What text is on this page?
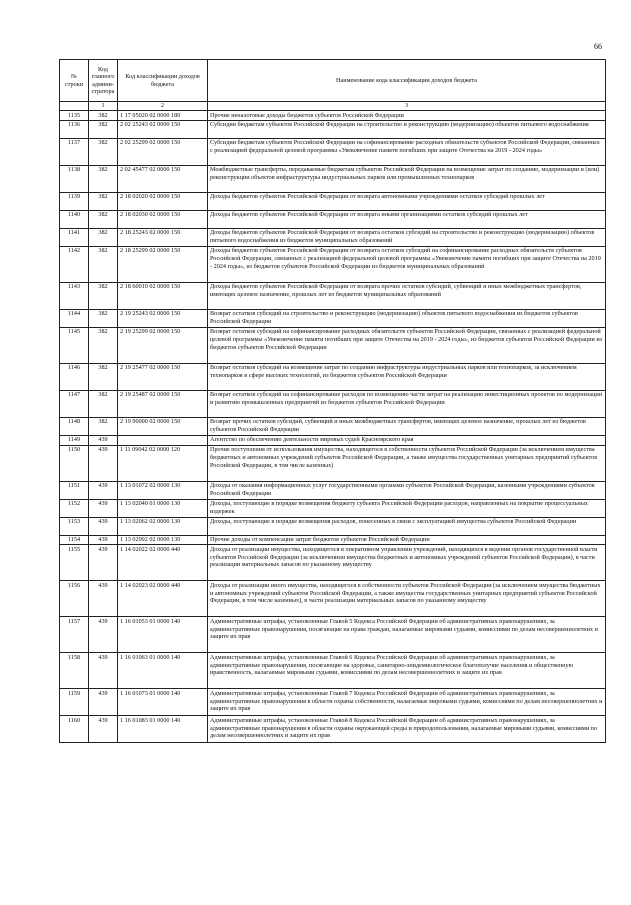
66
№ строки	Код главного админи-стратора	Код классификации доходов бюджета	Наименование кода классификации доходов бюджета
	1	2	3
1135	382	1 17 05020 02 0000 180	Прочие неналоговые доходы бюджетов субъектов Российской Федерации
1136	382	2 02 25243 02 0000 150	Субсидии бюджетам субъектов Российской Федерации на строительство и реконструкцию (модернизацию) объектов питьевого водоснабжения
1137	382	2 02 25299 02 0000 150	Субсидии бюджетам субъектов Российской Федерации на софинансирование расходных обязательств субъектов Российской Федерации, связанных с реализацией федеральной целевой программы «Увековечение памяти погибших при защите Отечества на 2019 - 2024 годы»
1138	382	2 02 45477 02 0000 150	Межбюджетные трансферты, передаваемые бюджетам субъектов Российской Федерации на возмещение затрат по созданию, модернизации и (или) реконструкции объектов инфраструктуры индустриальных парков или промышленных технопарков
1139	382	2 18 02020 02 0000 150	Доходы бюджетов субъектов Российской Федерации от возврата автономными учреждениями остатков субсидий прошлых лет
1140	382	2 18 02030 02 0000 150	Доходы бюджетов субъектов Российской Федерации от возврата иными организациями остатков субсидий прошлых лет
1141	382	2 18 25243 02 0000 150	Доходы бюджетов субъектов Российской Федерации от возврата остатков субсидий на строительство и реконструкцию (модернизацию) объектов питьевого водоснабжения из бюджетов муниципальных образований
1142	382	2 18 25299 02 0000 150	Доходы бюджетов субъектов Российской Федерации от возврата остатков субсидий на софинансирование расходных обязательств субъектов Российской Федерации, связанных с реализацией федеральной целевой программы «Увековечение памяти погибших при защите Отечества на 2019 - 2024 годы», из бюджетов субъектов Российской Федерации из бюджетов муниципальных образований
1143	382	2 18 60010 02 0000 150	Доходы бюджетов субъектов Российской Федерации от возврата прочих остатков субсидий, субвенций и иных межбюджетных трансфертов, имеющих целевое назначение, прошлых лет из бюджетов муниципальных образований
1144	382	2 19 25243 02 0000 150	Возврат остатков субсидий на строительство и реконструкцию (модернизацию) объектов питьевого водоснабжения из бюджетов субъектов Российской Федерации
1145	382	2 19 25299 02 0000 150	Возврат остатков субсидий на софинансирование расходных обязательств субъектов Российской Федерации, связанных с реализацией федеральной целевой программы «Увековечение памяти погибших при защите Отечества на 2019 - 2024 годы», из бюджетов субъектов Российской Федерации из бюджетов субъектов Российской Федерации
1146	382	2 19 25477 02 0000 150	Возврат остатков субсидий на возмещение затрат по созданию инфраструктуры индустриальных парков или технопарков, за исключением технопарков в сфере высоких технологий, из бюджетов субъектов Российской Федерации
1147	382	2 19 25487 02 0000 150	Возврат остатков субсидий на софинансирование расходов по возмещению части затрат на реализацию инвестиционных проектов по модернизации и развитию промышленных предприятий из бюджетов субъектов Российской Федерации
1148	382	2 19 90000 02 0000 150	Возврат прочих остатков субсидий, субвенций и иных межбюджетных трансфертов, имеющих целевое назначение, прошлых лет из бюджетов субъектов Российской Федерации
1149	439		Агентство по обеспечению деятельности мировых судей Красноярского края
1150	439	1 11 09042 02 0000 120	Прочие поступления от использования имущества, находящегося в собственности субъектов Российской Федерации (за исключением имущества бюджетных и автономных учреждений субъектов Российской Федерации, а также имущества государственных унитарных предприятий субъектов Российской Федерации, в том числе казенных)
1151	439	1 13 01072 02 0000 130	Доходы от оказания информационных услуг государственными органами субъектов Российской Федерации, казенными учреждениями субъектов Российской Федерации
1152	439	1 13 02040 01 0000 130	Доходы, поступающие в порядке возмещения бюджету субъекта Российской Федерации расходов, направленных на покрытие процессуальных издержек
1153	439	1 13 02062 02 0000 130	Доходы, поступающие в порядке возмещения расходов, понесенных в связи с эксплуатацией имущества субъектов Российской Федерации
1154	439	1 13 02992 02 0000 130	Прочие доходы от компенсации затрат бюджетов субъектов Российской Федерации
1155	439	1 14 02022 02 0000 440	Доходы от реализации имущества, находящегося в оперативном управлении учреждений, находящихся в ведении органов государственной власти субъектов Российской Федерации (за исключением имущества бюджетных и автономных учреждений субъектов Российской Федерации), в части реализации материальных запасов по указанному имуществу
1156	439	1 14 02023 02 0000 440	Доходы от реализации иного имущества, находящегося в собственности субъектов Российской Федерации (за исключением имущества бюджетных и автономных учреждений субъектов Российской Федерации, а также имущества государственных унитарных предприятий субъектов Российской Федерации, в том числе казенных), в части реализации материальных запасов по указанному имуществу
1157	439	1 16 01053 01 0000 140	Административные штрафы, установленные Главой 5 Кодекса Российской Федерации об административных правонарушениях, за административные правонарушения, посягающие на права граждан, налагаемые мировыми судьями, комиссиями по делам несовершеннолетних и защите их прав
1158	439	1 16 01063 01 0000 140	Административные штрафы, установленные Главой 6 Кодекса Российской Федерации об административных правонарушениях, за административные правонарушения, посягающие на здоровье, санитарно-эпидемиологическое благополучие населения и общественную нравственность, налагаемые мировыми судьями, комиссиями по делам несовершеннолетних и защите их прав
1159	439	1 16 01073 01 0000 140	Административные штрафы, установленные Главой 7 Кодекса Российской Федерации об административных правонарушениях, за административные правонарушения в области охраны собственности, налагаемые мировыми судьями, комиссиями по делам несовершеннолетних и защите их прав
1160	439	1 16 01083 01 0000 140	Административные штрафы, установленные Главой 8 Кодекса Российской Федерации об административных правонарушениях, за административные правонарушения в области охраны окружающей среды и природопользования, налагаемые мировыми судьями, комиссиями по делам несовершеннолетних и защите их прав
